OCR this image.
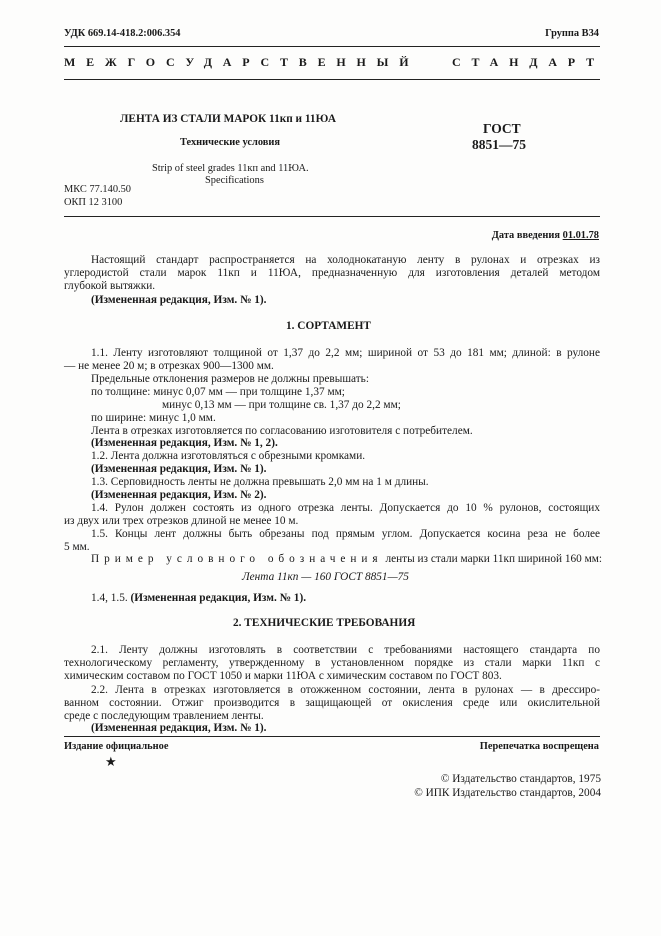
УДК 669.14-418.2:006.354	Группа В34
МЕЖГОСУДАРСТВЕННЫЙ	СТАНДАРТ
ЛЕНТА ИЗ СТАЛИ МАРОК 11кп и 11ЮА
Технические условия
Strip of steel grades 11кп and 11ЮА.
Specifications
ГОСТ
8851—75
МКС 77.140.50
ОКП 12 3100
Дата введения 01.01.78
Настоящий стандарт распространяется на холоднокатаную ленту в рулонах и отрезках из
углеродистой стали марок 11кп и 11ЮА, предназначенную для изготовления деталей методом
глубокой вытяжки.
(Измененная редакция, Изм. № 1).
1. СОРТАМЕНТ
1.1. Ленту изготовляют толщиной от 1,37 до 2,2 мм; шириной от 53 до 181 мм; длиной: в рулоне
— не менее 20 м; в отрезках 900—1300 мм.
Предельные отклонения размеров не должны превышать:
по толщине: минус 0,07 мм — при толщине 1,37 мм;
минус 0,13 мм — при толщине св. 1,37 до 2,2 мм;
по ширине: минус 1,0 мм.
Лента в отрезках изготовляется по согласованию изготовителя с потребителем.
(Измененная редакция, Изм. № 1, 2).
1.2. Лента должна изготовляться с обрезными кромками.
(Измененная редакция, Изм. № 1).
1.3. Серповидность ленты не должна превышать 2,0 мм на 1 м длины.
(Измененная редакция, Изм. № 2).
1.4. Рулон должен состоять из одного отрезка ленты. Допускается до 10 % рулонов, состоящих
из двух или трех отрезков длиной не менее 10 м.
1.5. Концы лент должны быть обрезаны под прямым углом. Допускается косина реза не более
5 мм.
Пример условного обозначения ленты из стали марки 11кп шириной 160 мм:
Лента 11кп — 160 ГОСТ 8851—75
1.4, 1.5. (Измененная редакция, Изм. № 1).
2. ТЕХНИЧЕСКИЕ ТРЕБОВАНИЯ
2.1. Ленту должны изготовлять в соответствии с требованиями настоящего стандарта по
технологическому регламенту, утвержденному в установленном порядке из стали марки 11кп с
химическим составом по ГОСТ 1050 и марки 11ЮА с химическим составом по ГОСТ 803.
2.2. Лента в отрезках изготовляется в отожженном состоянии, лента в рулонах — в дрессиро-
ванном состоянии. Отжиг производится в защищающей от окисления среде или окислительной
среде с последующим травлением ленты.
(Измененная редакция, Изм. № 1).
Издание официальное	Перепечатка воспрещена
★
© Издательство стандартов, 1975
© ИПК Издательство стандартов, 2004
